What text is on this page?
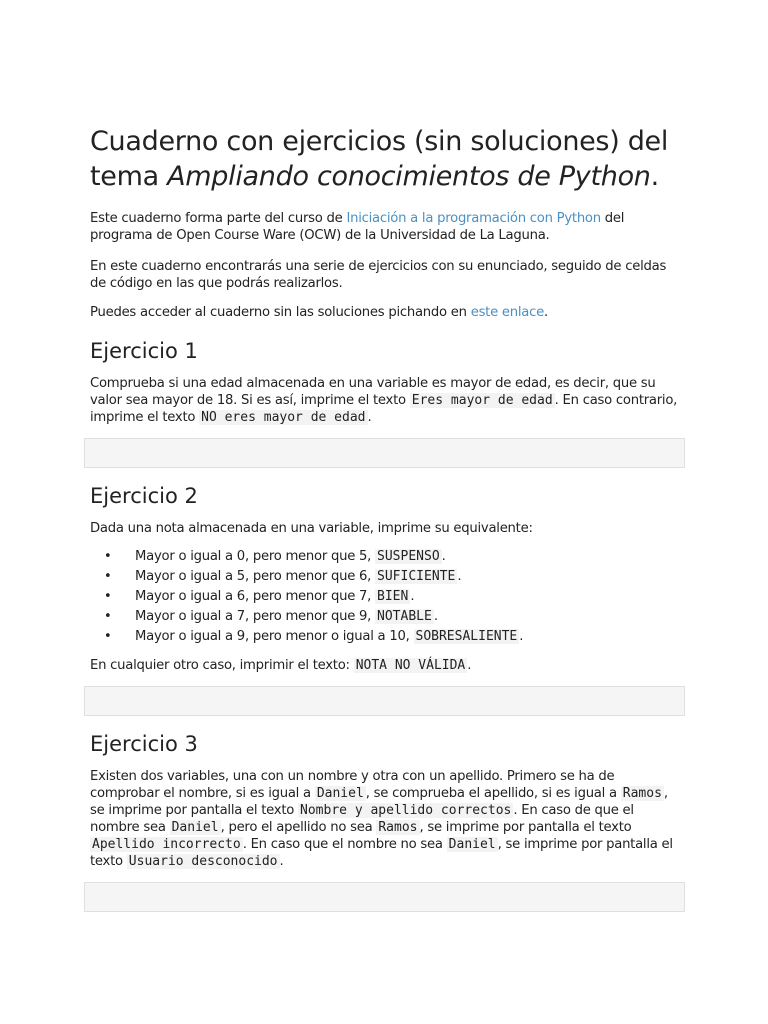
Cuaderno con ejercicios (sin soluciones) del tema Ampliando conocimientos de Python.

Este cuaderno forma parte del curso de Iniciación a la programación con Python del programa de Open Course Ware (OCW) de la Universidad de La Laguna.

En este cuaderno encontrarás una serie de ejercicios con su enunciado, seguido de celdas de código en las que podrás realizarlos.

Puedes acceder al cuaderno sin las soluciones pichando en este enlace.

Ejercicio 1

Comprueba si una edad almacenada en una variable es mayor de edad, es decir, que su valor sea mayor de 18. Si es así, imprime el texto Eres mayor de edad . En caso contrario, imprime el texto NO eres mayor de edad .

Ejercicio 2

Dada una nota almacenada en una variable, imprime su equivalente:

• Mayor o igual a 0, pero menor que 5, SUSPENSO .
• Mayor o igual a 5, pero menor que 6, SUFICIENTE .
• Mayor o igual a 6, pero menor que 7, BIEN .
• Mayor o igual a 7, pero menor que 9, NOTABLE .
• Mayor o igual a 9, pero menor o igual a 10, SOBRESALIENTE .

En cualquier otro caso, imprimir el texto: NOTA NO VÁLIDA .

Ejercicio 3

Existen dos variables, una con un nombre y otra con un apellido. Primero se ha de comprobar el nombre, si es igual a Daniel , se comprueba el apellido, si es igual a Ramos , se imprime por pantalla el texto Nombre y apellido correctos . En caso de que el nombre sea Daniel , pero el apellido no sea Ramos , se imprime por pantalla el texto Apellido incorrecto . En caso que el nombre no sea Daniel , se imprime por pantalla el texto Usuario desconocido .
